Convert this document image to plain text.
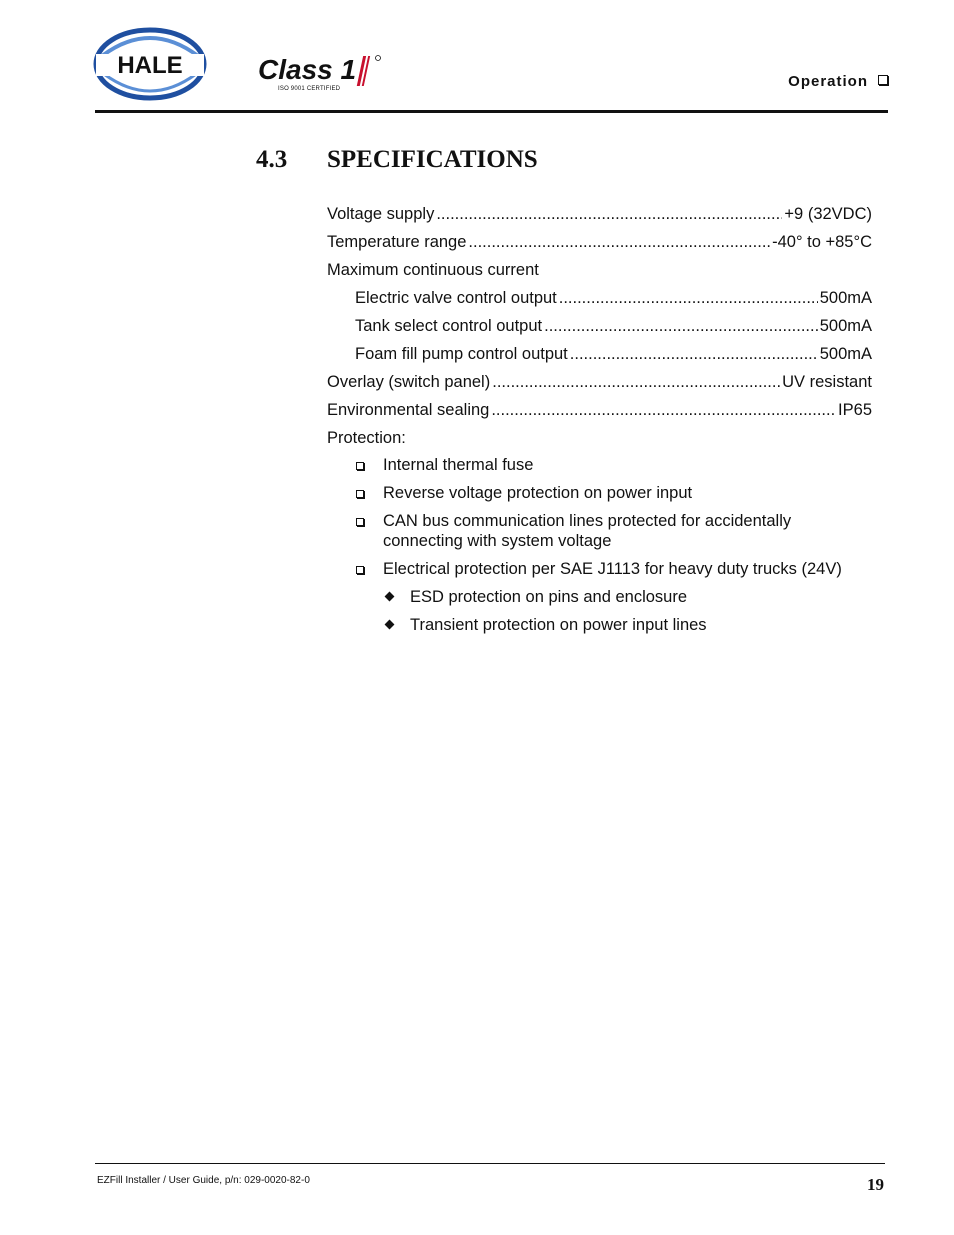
HALE	Class 1
ISO 9001 CERTIFIED	Operation
4.3 SPECIFICATIONS
Voltage supply .....	+9 (32VDC)
Temperature range .....	-40° to +85°C
Maximum continuous current
Electric valve control output .....	500mA
Tank select control output .....	500mA
Foam fill pump control output .....	500mA
Overlay (switch panel) .....	UV resistant
Environmental sealing .....	IP65
Protection:
Internal thermal fuse
Reverse voltage protection on power input
CAN bus communication lines protected for accidentally connecting with system voltage
Electrical protection per SAE J1113 for heavy duty trucks (24V)
ESD protection on pins and enclosure
Transient protection on power input lines
EZFill Installer / User Guide, p/n: 029-0020-82-0	19
